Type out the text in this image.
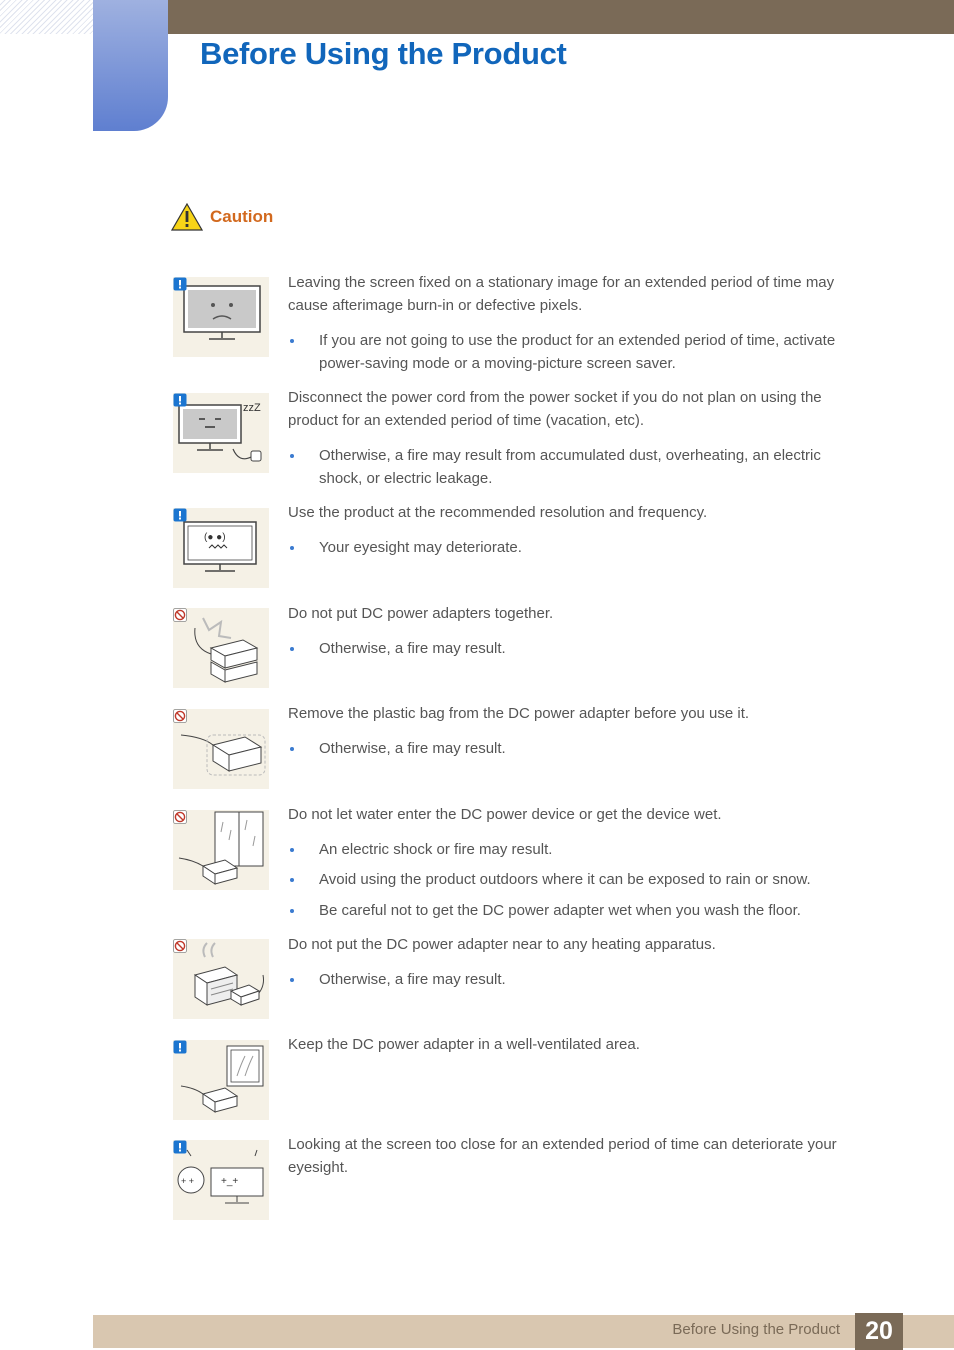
Before Using the Product
Caution

Leaving the screen fixed on a stationary image for an extended period of time may cause afterimage burn-in or defective pixels.

If you are not going to use the product for an extended period of time, activate power-saving mode or a moving-picture screen saver.
zzZ

Disconnect the power cord from the power socket if you do not plan on using the product for an extended period of time (vacation, etc).

Otherwise, a fire may result from accumulated dust, overheating, an electric shock, or electric leakage.
(● ●)

Use the product at the recommended resolution and frequency.

Your eyesight may deteriorate.

Do not put DC power adapters together.

Otherwise, a fire may result.

Remove the plastic bag from the DC power adapter before you use it.

Otherwise, a fire may result.

Do not let water enter the DC power device or get the device wet.

An electric shock or fire may result.
Avoid using the product outdoors where it can be exposed to rain or snow.
Be careful not to get the DC power adapter wet when you wash the floor.

Do not put the DC power adapter near to any heating apparatus.

Otherwise, a fire may result.

Keep the DC power adapter in a well-ventilated area.

+ +	+_+

Looking at the screen too close for an extended period of time can deteriorate your eyesight.

Before Using the Product	20
